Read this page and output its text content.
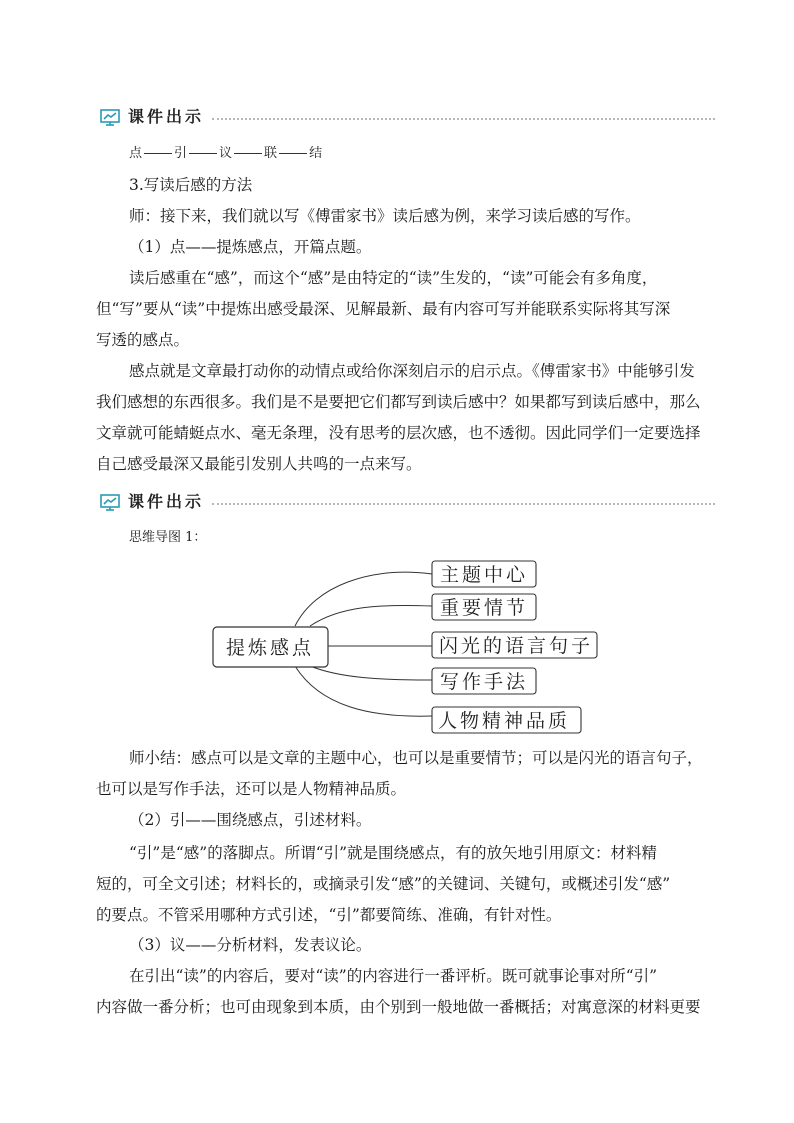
课件出示
点 引 议 联 结
3.写读后感的方法
师：接下来，我们就以写《傅雷家书》读后感为例，来学习读后感的写作。
（1）点——提炼感点，开篇点题。
读后感重在“感”，而这个“感”是由特定的“读”生发的，“读”可能会有多角度，
但“写”要从“读”中提炼出感受最深、见解最新、最有内容可写并能联系实际将其写深
写透的感点。
感点就是文章最打动你的动情点或给你深刻启示的启示点。《傅雷家书》中能够引发
我们感想的东西很多。我们是不是要把它们都写到读后感中？如果都写到读后感中，那么
文章就可能蜻蜓点水、毫无条理，没有思考的层次感，也不透彻。因此同学们一定要选择
自己感受最深又最能引发别人共鸣的一点来写。
课件出示
思维导图 1：
提炼感点
主题中心
重要情节
闪光的语言句子
写作手法
人物精神品质
师小结：感点可以是文章的主题中心，也可以是重要情节；可以是闪光的语言句子，
也可以是写作手法，还可以是人物精神品质。
（2）引——围绕感点，引述材料。
“引”是“感”的落脚点。所谓“引”就是围绕感点，有的放矢地引用原文：材料精
短的，可全文引述；材料长的，或摘录引发“感”的关键词、关键句，或概述引发“感”
的要点。不管采用哪种方式引述，“引”都要简练、准确，有针对性。
（3）议——分析材料，发表议论。
在引出“读”的内容后，要对“读”的内容进行一番评析。既可就事论事对所“引”
内容做一番分析；也可由现象到本质，由个别到一般地做一番概括；对寓意深的材料更要
